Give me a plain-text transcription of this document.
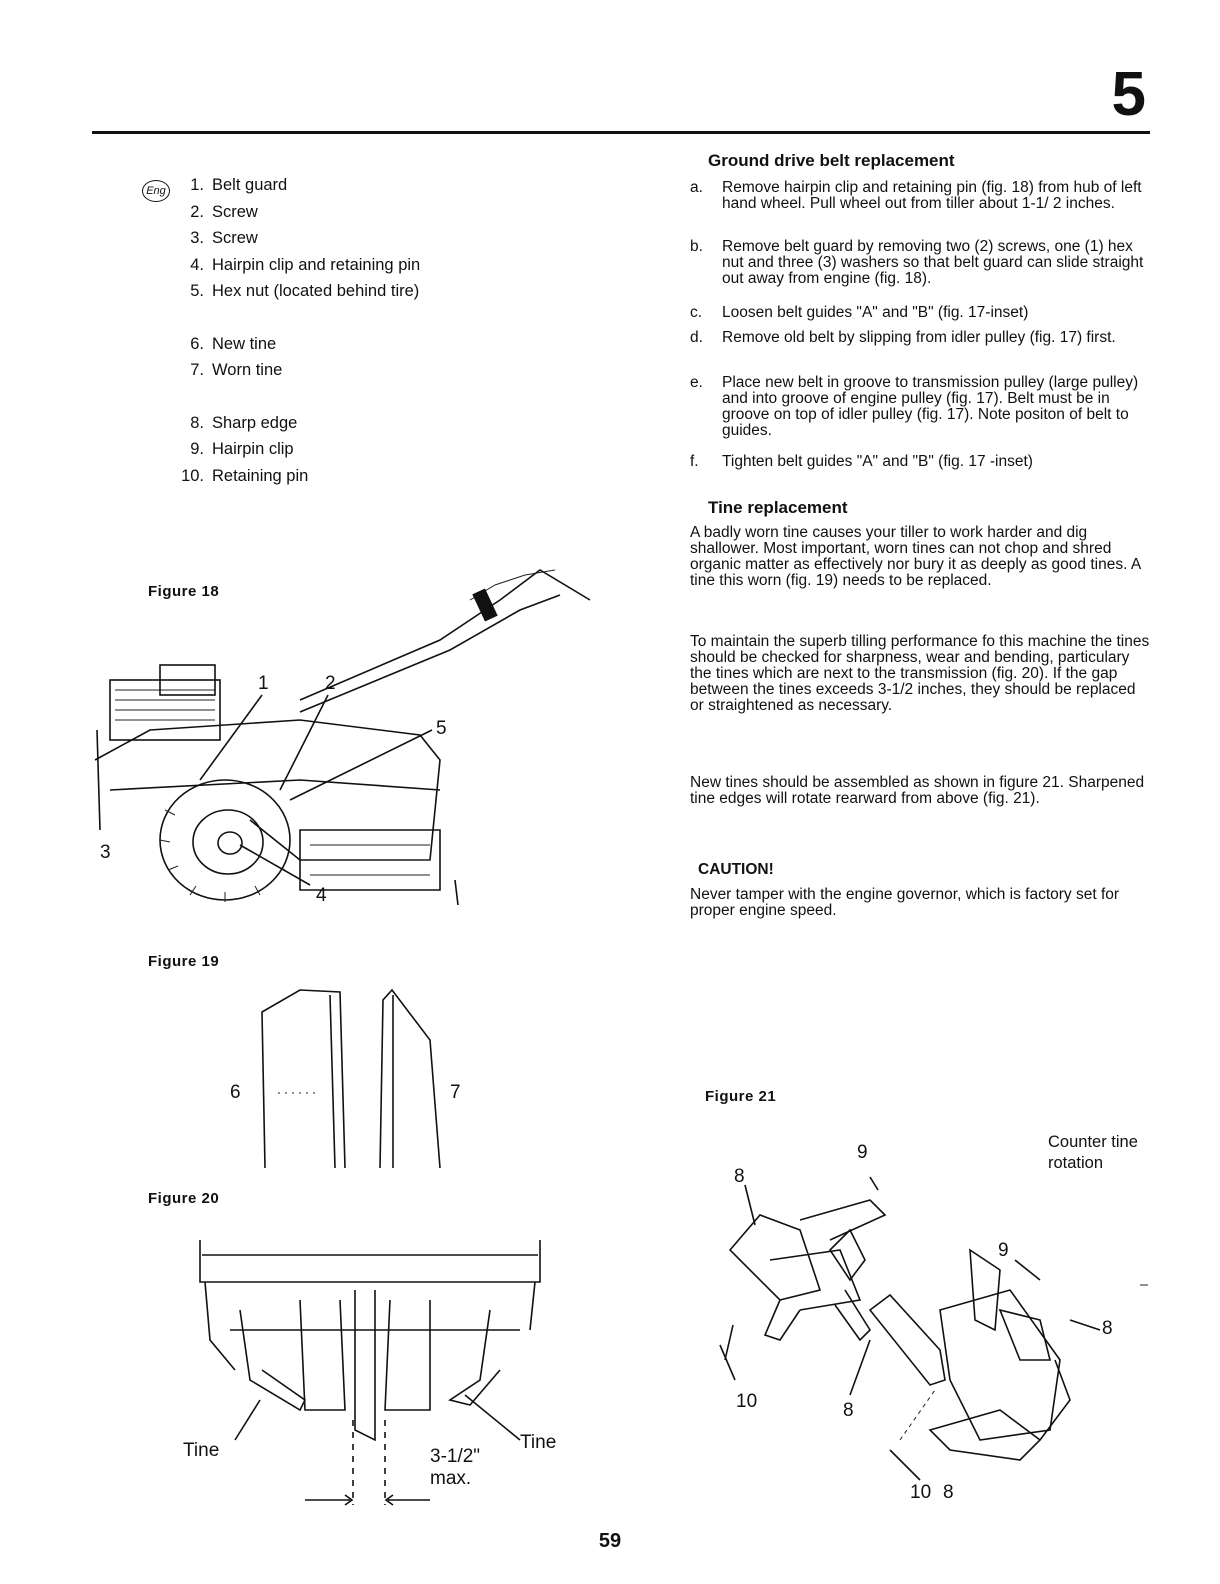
5
Eng	1. Belt guard
2. Screw
3. Screw
4. Hairpin clip and retaining pin
5. Hex nut (located behind tire)
6. New tine
7. Worn tine
8. Sharp edge
9. Hairpin clip
10. Retaining pin
Ground drive belt replacement
a. Remove hairpin clip and retaining pin (fig. 18) from hub of left hand wheel. Pull wheel out from tiller about 1-1/ 2 inches.
b. Remove belt guard by removing two (2) screws, one (1) hex nut and three (3) washers so that belt guard can slide straight out away from engine (fig. 18).
c. Loosen belt guides "A" and "B" (fig. 17-inset)
d. Remove old belt by slipping from idler pulley (fig. 17) first.
e. Place new belt in groove to transmission pulley (large pulley) and into groove of engine pulley (fig. 17). Belt must be in groove on top of idler pulley (fig. 17). Note positon of belt to guides.
f. Tighten belt guides "A" and "B" (fig. 17 -inset)
Tine replacement
A badly worn tine causes your tiller to work harder and dig shallower. Most important, worn tines can not chop and shred organic matter as effectively nor bury it as deeply as good tines. A tine this worn (fig. 19) needs to be replaced.
To maintain the superb tilling performance fo this machine the tines should be checked for sharpness, wear and bending, particulary the tines which are next to the transmission (fig. 20). If the gap between the tines exceeds 3-1/2 inches, they should be replaced or straightened as necessary.
New tines should be assembled as shown in figure 21. Sharpened tine edges will rotate rearward from above (fig. 21).
CAUTION!
Never tamper with the engine governor, which is factory set for proper engine speed.
Figure 18
1	2
3
4
5
Figure 19
6	7
Figure 20
Tine	Tine
3-1/2"
max.
Figure 21
Counter tine
rotation
9
8
9
8
10	8
10 8
59
